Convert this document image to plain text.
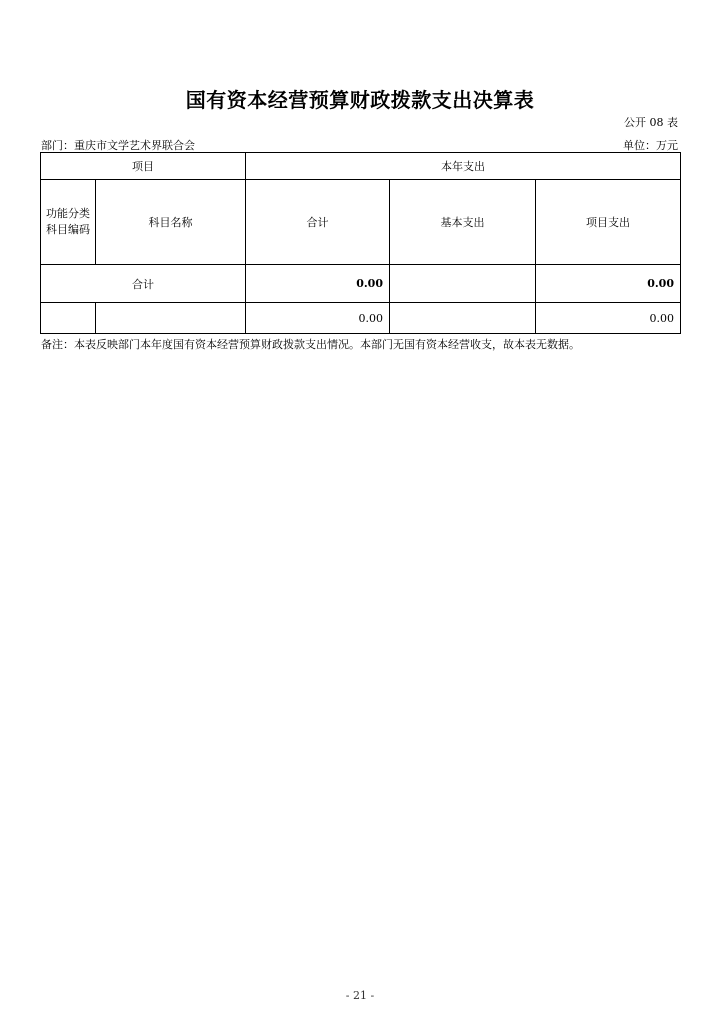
国有资本经营预算财政拨款支出决算表
公开 08 表
部门：重庆市文学艺术界联合会	单位：万元
项目		本年支出		
功能分类科目编码	科目名称	合计	基本支出	项目支出
合计		0.00		0.00
		0.00		0.00
备注：本表反映部门本年度国有资本经营预算财政拨款支出情况。本部门无国有资本经营收支，故本表无数据。
- 21 -
